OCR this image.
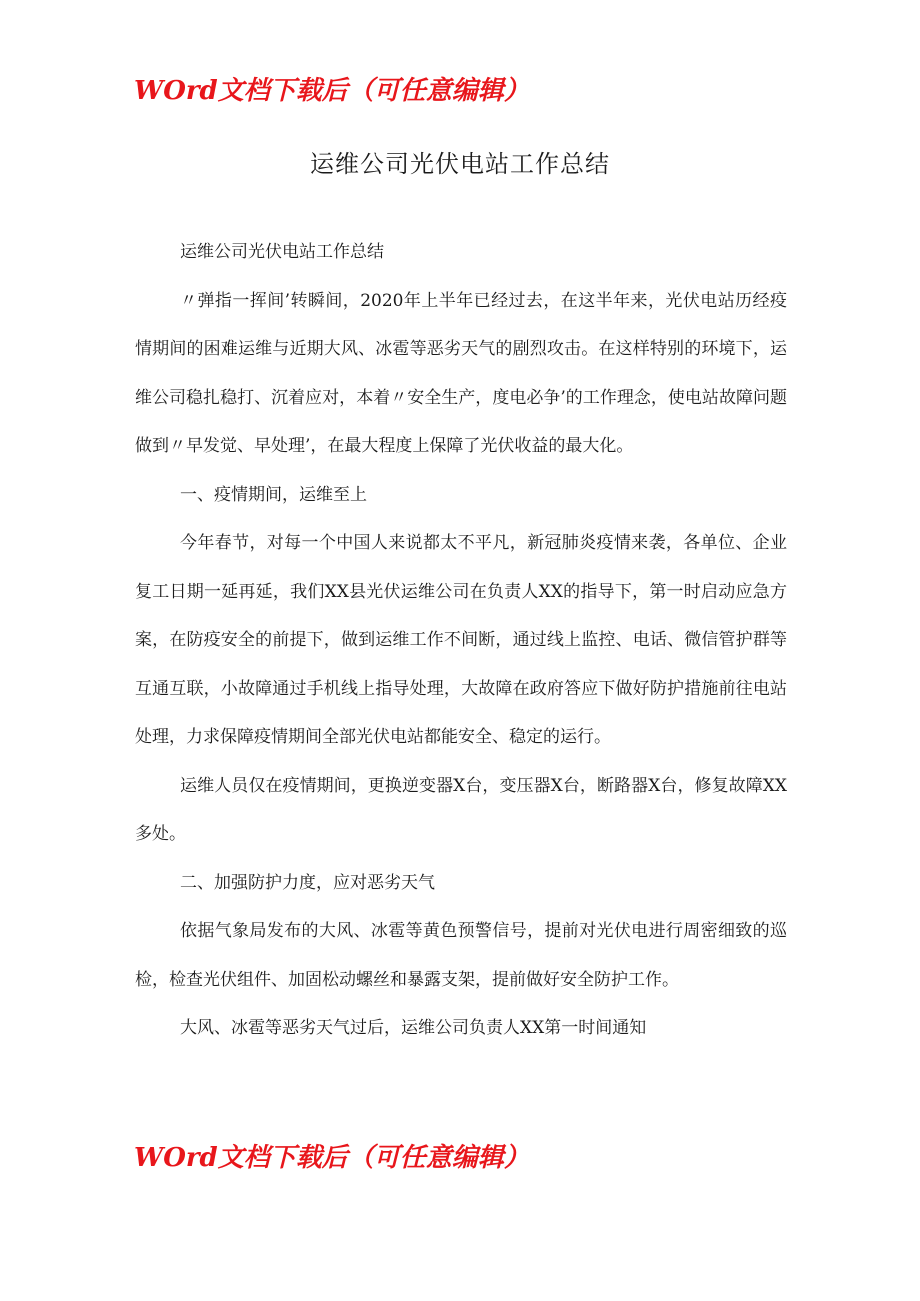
WOrd文档下载后（可任意编辑）
运维公司光伏电站工作总结

运维公司光伏电站工作总结

〃弹指一挥间’转瞬间，2020年上半年已经过去，在这半年来，光伏电站历经疫情期间的困难运维与近期大风、冰雹等恶劣天气的剧烈攻击。在这样特别的环境下，运维公司稳扎稳打、沉着应对，本着〃安全生产，度电必争’的工作理念，使电站故障问题做到〃早发觉、早处理’，在最大程度上保障了光伏收益的最大化。

一、疫情期间，运维至上

今年春节，对每一个中国人来说都太不平凡，新冠肺炎疫情来袭，各单位、企业复工日期一延再延，我们XX县光伏运维公司在负责人XX的指导下，第一时启动应急方案，在防疫安全的前提下，做到运维工作不间断，通过线上监控、电话、微信管护群等互通互联，小故障通过手机线上指导处理，大故障在政府答应下做好防护措施前往电站处理，力求保障疫情期间全部光伏电站都能安全、稳定的运行。

运维人员仅在疫情期间，更换逆变器X台，变压器X台，断路器X台，修复故障XX多处。

二、加强防护力度，应对恶劣天气

依据气象局发布的大风、冰雹等黄色预警信号，提前对光伏电进行周密细致的巡检，检查光伏组件、加固松动螺丝和暴露支架，提前做好安全防护工作。

大风、冰雹等恶劣天气过后，运维公司负责人XX第一时间通知

WOrd文档下载后（可任意编辑）
